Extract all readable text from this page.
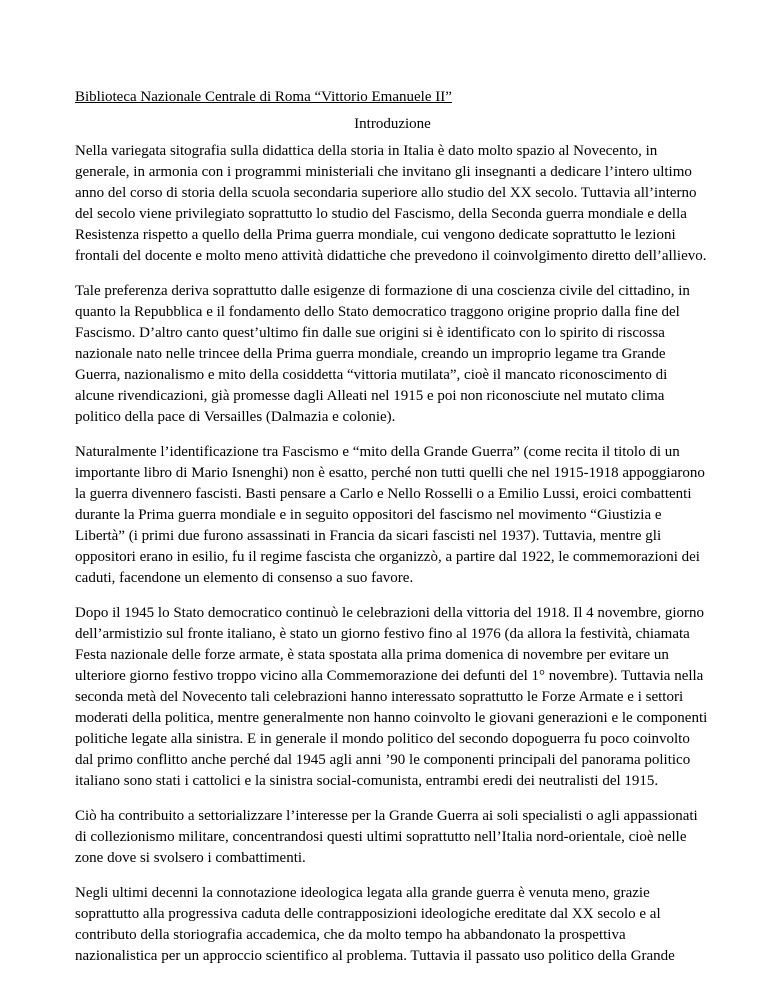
Biblioteca Nazionale Centrale di Roma “Vittorio Emanuele II”
Introduzione

Nella variegata sitografia sulla didattica della storia in Italia è dato molto spazio al Novecento, in generale, in armonia con i programmi ministeriali che invitano gli insegnanti a dedicare l’intero ultimo anno del corso di storia della scuola secondaria superiore allo studio del XX secolo. Tuttavia all’interno del secolo viene privilegiato soprattutto lo studio del Fascismo, della Seconda guerra mondiale e della Resistenza rispetto a quello della Prima guerra mondiale, cui vengono dedicate soprattutto le lezioni frontali del docente e molto meno attività didattiche che prevedono il coinvolgimento diretto dell’allievo.

Tale preferenza deriva soprattutto dalle esigenze di formazione di una coscienza civile del cittadino, in quanto la Repubblica e il fondamento dello Stato democratico traggono origine proprio dalla fine del Fascismo. D’altro canto quest’ultimo fin dalle sue origini si è identificato con lo spirito di riscossa nazionale nato nelle trincee della Prima guerra mondiale, creando un improprio legame tra Grande Guerra, nazionalismo e mito della cosiddetta “vittoria mutilata”, cioè il mancato riconoscimento di alcune rivendicazioni, già promesse dagli Alleati nel 1915 e poi non riconosciute nel mutato clima politico della pace di Versailles (Dalmazia e colonie).

Naturalmente l’identificazione tra Fascismo e “mito della Grande Guerra” (come recita il titolo di un importante libro di Mario Isnenghi) non è esatto, perché non tutti quelli che nel 1915-1918 appoggiarono la guerra divennero fascisti. Basti pensare a Carlo e Nello Rosselli o a Emilio Lussi, eroici combattenti durante la Prima guerra mondiale e in seguito oppositori del fascismo nel movimento “Giustizia e Libertà” (i primi due furono assassinati in Francia da sicari fascisti nel 1937). Tuttavia, mentre gli oppositori erano in esilio, fu il regime fascista che organizzò, a partire dal 1922, le commemorazioni dei caduti, facendone un elemento di consenso a suo favore.

Dopo il 1945 lo Stato democratico continuò le celebrazioni della vittoria del 1918. Il 4 novembre, giorno dell’armistizio sul fronte italiano, è stato un giorno festivo fino al 1976 (da allora la festività, chiamata Festa nazionale delle forze armate, è stata spostata alla prima domenica di novembre per evitare un ulteriore giorno festivo troppo vicino alla Commemorazione dei defunti del 1° novembre). Tuttavia nella seconda metà del Novecento tali celebrazioni hanno interessato soprattutto le Forze Armate e i settori moderati della politica, mentre generalmente non hanno coinvolto le giovani generazioni e le componenti politiche legate alla sinistra. E in generale il mondo politico del secondo dopoguerra fu poco coinvolto dal primo conflitto anche perché dal 1945 agli anni ’90 le componenti principali del panorama politico italiano sono stati i cattolici e la sinistra social-comunista, entrambi eredi dei neutralisti del 1915.

Ciò ha contribuito a settorializzare l’interesse per la Grande Guerra ai soli specialisti o agli appassionati di collezionismo militare, concentrandosi questi ultimi soprattutto nell’Italia nord-orientale, cioè nelle zone dove si svolsero i combattimenti.

Negli ultimi decenni la connotazione ideologica legata alla grande guerra è venuta meno, grazie soprattutto alla progressiva caduta delle contrapposizioni ideologiche ereditate dal XX secolo e al contributo della storiografia accademica, che da molto tempo ha abbandonato la prospettiva nazionalistica per un approccio scientifico al problema. Tuttavia il passato uso politico della Grande
